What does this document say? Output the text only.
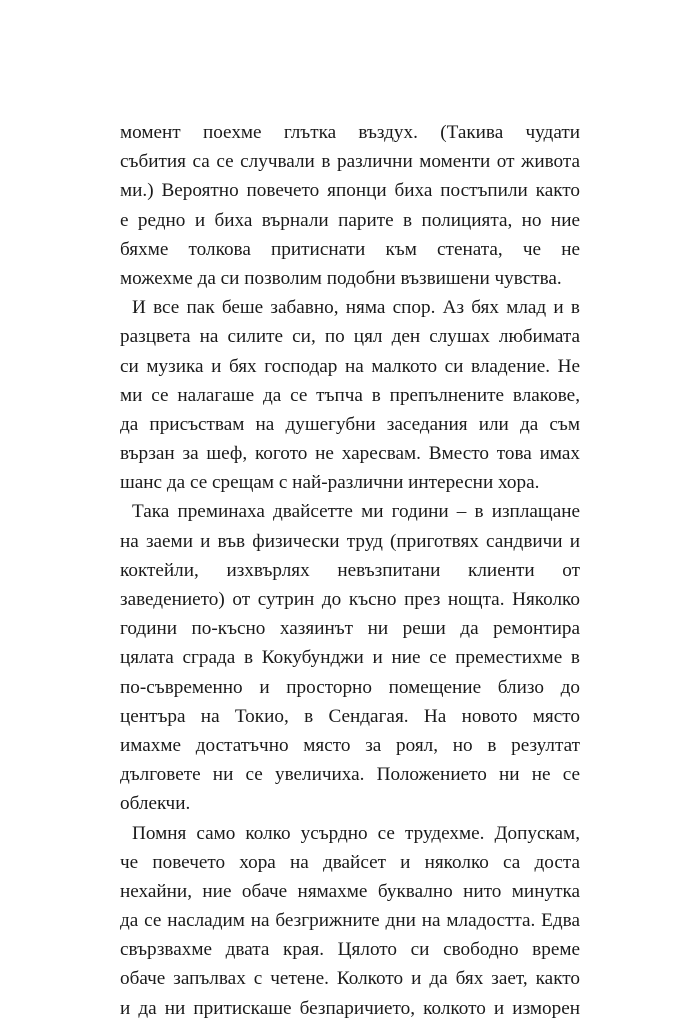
момент поехме глътка въздух. (Такива чудати
събития са се случвали в различни моменти от живота
ми.) Вероятно повечето японци биха постъпили както
е редно и биха върнали парите в полицията, но ние
бяхме толкова притиснати към стената, че не
можехме да си позволим подобни възвишени чувства.
И все пак беше забавно, няма спор. Аз бях млад и в
разцвета на силите си, по цял ден слушах любимата
си музика и бях господар на малкото си владение. Не
ми се налагаше да се тъпча в препълнените влакове,
да присъствам на душегубни заседания или да съм
вързан за шеф, когото не харесвам. Вместо това имах
шанс да се срещам с най-различни интересни хора.
Така преминаха двайсетте ми години – в изплащане
на заеми и във физически труд (приготвях сандвичи и
коктейли, изхвърлях невъзпитани клиенти от
заведението) от сутрин до късно през нощта. Няколко
години по-късно хазяинът ни реши да ремонтира
цялата сграда в Кокубунджи и ние се преместихме в
по-съвременно и просторно помещение близо до
центъра на Токио, в Сендагая. На новото място
имахме достатъчно място за роял, но в резултат
дълговете ни се увеличиха. Положението ни не се
облекчи.
Помня само колко усърдно се трудехме. Допускам,
че повечето хора на двайсет и няколко са доста
нехайни, ние обаче нямахме буквално нито минутка
да се насладим на безгрижните дни на младостта. Едва
свързвахме двата края. Цялото си свободно време
обаче запълвах с четене. Колкото и да бях зает, както
и да ни притискаше безпаричието, колкото и изморен
